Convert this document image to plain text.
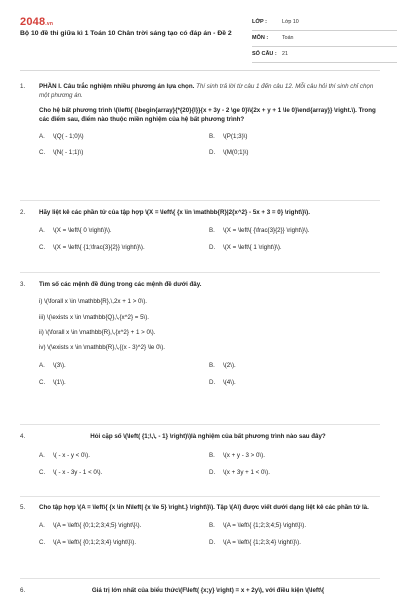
2048.vn
Bộ 10 đề thi giữa kì 1 Toán 10 Chân trời sáng tạo có đáp án - Đề 2
LỚP :	Lớp 10
MÔN :	Toán
SỐ CÂU : 21
1.	PHẦN I. Câu trắc nghiệm nhiều phương án lựa chọn. Thí sinh trả lời từ câu 1 đến câu 12. Mỗi câu hỏi thí sinh chỉ chọn một phương án.

Cho hệ bất phương trình \(\left\{ {\begin{array}{*{20}{l}}{x + 3y - 2 \ge 0}\\{2x + y + 1 \le 0}\end{array}} \right.\). Trong các điểm sau, điểm nào thuộc miền nghiệm của hệ bất phương trình?

A.	\(Q( - 1;0)\)	B.	\(P(1;3)\)
C.	\(N( - 1;1)\)	D.	\(M(0;1)\)
2.	Hãy liệt kê các phần tử của tập hợp \(X = \left\{ {x \in \mathbb{R}|2{x^2} - 5x + 3 = 0} \right\}\).

A.	\(X = \left\{ 0 \right\}\).	B.	\(X = \left\{ {\frac{3}{2}} \right\}\).
C.	\(X = \left\{ {1;\frac{3}{2}} \right\}\).	D.	\(X = \left\{ 1 \right\}\).
3.	Tìm số các mệnh đề đúng trong các mệnh đề dưới đây.

i) \(\forall x \in \mathbb{R},\,2x + 1 > 0\).
iii) \(\exists x \in \mathbb{Q},\,{x^2} = 5\).
ii) \(\forall x \in \mathbb{R},\,{x^2} + 1 > 0\).
iv) \(\exists x \in \mathbb{R},\,{(x - 3)^2} \le 0\).
A.	\(3\).	B.	\(2\).
C.	\(1\).	D.	\(4\).
4.	Hỏi cặp số \(\left( {1;\,\, - 1} \right)\)là nghiệm của bất phương trình nào sau đây?

A.	\( - x - y < 0\).	B.	\(x + y - 3 > 0\).
C.	\( - x - 3y - 1 < 0\).	D.	\(x + 3y + 1 < 0\).
5.	Cho tập hợp \(A = \left\{ {x \in N\left| {x \le 5} \right.} \right\}\). Tập \(A\) được viết dưới dạng liệt kê các phần tử là.

A.	\(A = \left\{ {0;1;2;3;4;5} \right\}\).	B.	\(A = \left\{ {1;2;3;4;5} \right\}\).
C.	\(A = \left\{ {0;1;2;3;4} \right\}\).	D.	\(A = \left\{ {1;2;3;4} \right\}\).
6.	Giá trị lớn nhất của biểu thức\(F\left( {x;y} \right) = x + 2y\), với điều kiện \(\left\{
